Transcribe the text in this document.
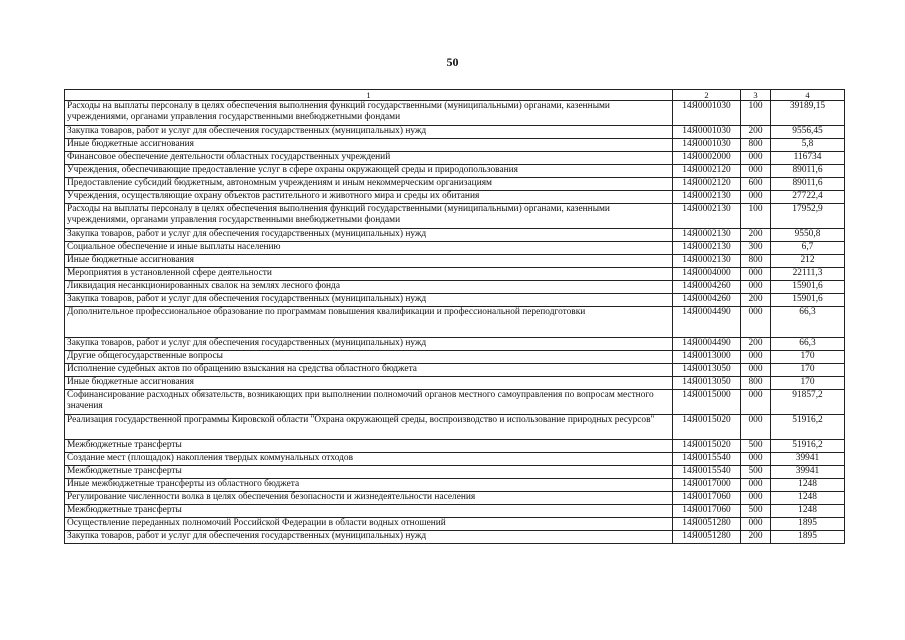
50
1	2	3	4
Расходы на выплаты персоналу в целях обеспечения выполнения функций государственными (муниципальными) органами, казенными учреждениями, органами управления государственными внебюджетными фондами	14Я0001030	100	39189,15
Закупка товаров, работ и услуг для обеспечения государственных (муниципальных) нужд	14Я0001030	200	9556,45
Иные бюджетные ассигнования	14Я0001030	800	5,8
Финансовое обеспечение деятельности областных государственных учреждений	14Я0002000	000	116734
Учреждения, обеспечивающие предоставление услуг в сфере охраны окружающей среды и природопользования	14Я0002120	000	89011,6
Предоставление субсидий бюджетным, автономным учреждениям и иным некоммерческим организациям	14Я0002120	600	89011,6
Учреждения, осуществляющие охрану объектов растительного и животного мира и среды их обитания	14Я0002130	000	27722,4
Расходы на выплаты персоналу в целях обеспечения выполнения функций государственными (муниципальными) органами, казенными учреждениями, органами управления государственными внебюджетными фондами	14Я0002130	100	17952,9
Закупка товаров, работ и услуг для обеспечения государственных (муниципальных) нужд	14Я0002130	200	9550,8
Социальное обеспечение и иные выплаты населению	14Я0002130	300	6,7
Иные бюджетные ассигнования	14Я0002130	800	212
Мероприятия в установленной сфере деятельности	14Я0004000	000	22111,3
Ликвидация несанкционированных свалок на землях лесного фонда	14Я0004260	000	15901,6
Закупка товаров, работ и услуг для обеспечения государственных (муниципальных) нужд	14Я0004260	200	15901,6
Дополнительное профессиональное образование по программам повышения квалификации и профессиональной переподготовки	14Я0004490	000	66,3
Закупка товаров, работ и услуг для обеспечения государственных (муниципальных) нужд	14Я0004490	200	66,3
Другие общегосударственные вопросы	14Я0013000	000	170
Исполнение судебных актов по обращению взыскания на средства областного бюджета	14Я0013050	000	170
Иные бюджетные ассигнования	14Я0013050	800	170
Софинансирование расходных обязательств, возникающих при выполнении полномочий органов местного самоуправления по вопросам местного значения	14Я0015000	000	91857,2
Реализация государственной программы Кировской области "Охрана окружающей среды, воспроизводство и использование природных ресурсов"	14Я0015020	000	51916,2
Межбюджетные трансферты	14Я0015020	500	51916,2
Создание мест (площадок) накопления твердых коммунальных отходов	14Я0015540	000	39941
Межбюджетные трансферты	14Я0015540	500	39941
Иные межбюджетные трансферты из областного бюджета	14Я0017000	000	1248
Регулирование численности волка в целях обеспечения безопасности и жизнедеятельности населения	14Я0017060	000	1248
Межбюджетные трансферты	14Я0017060	500	1248
Осуществление переданных полномочий Российской Федерации в области водных отношений	14Я0051280	000	1895
Закупка товаров, работ и услуг для обеспечения государственных (муниципальных) нужд	14Я0051280	200	1895
